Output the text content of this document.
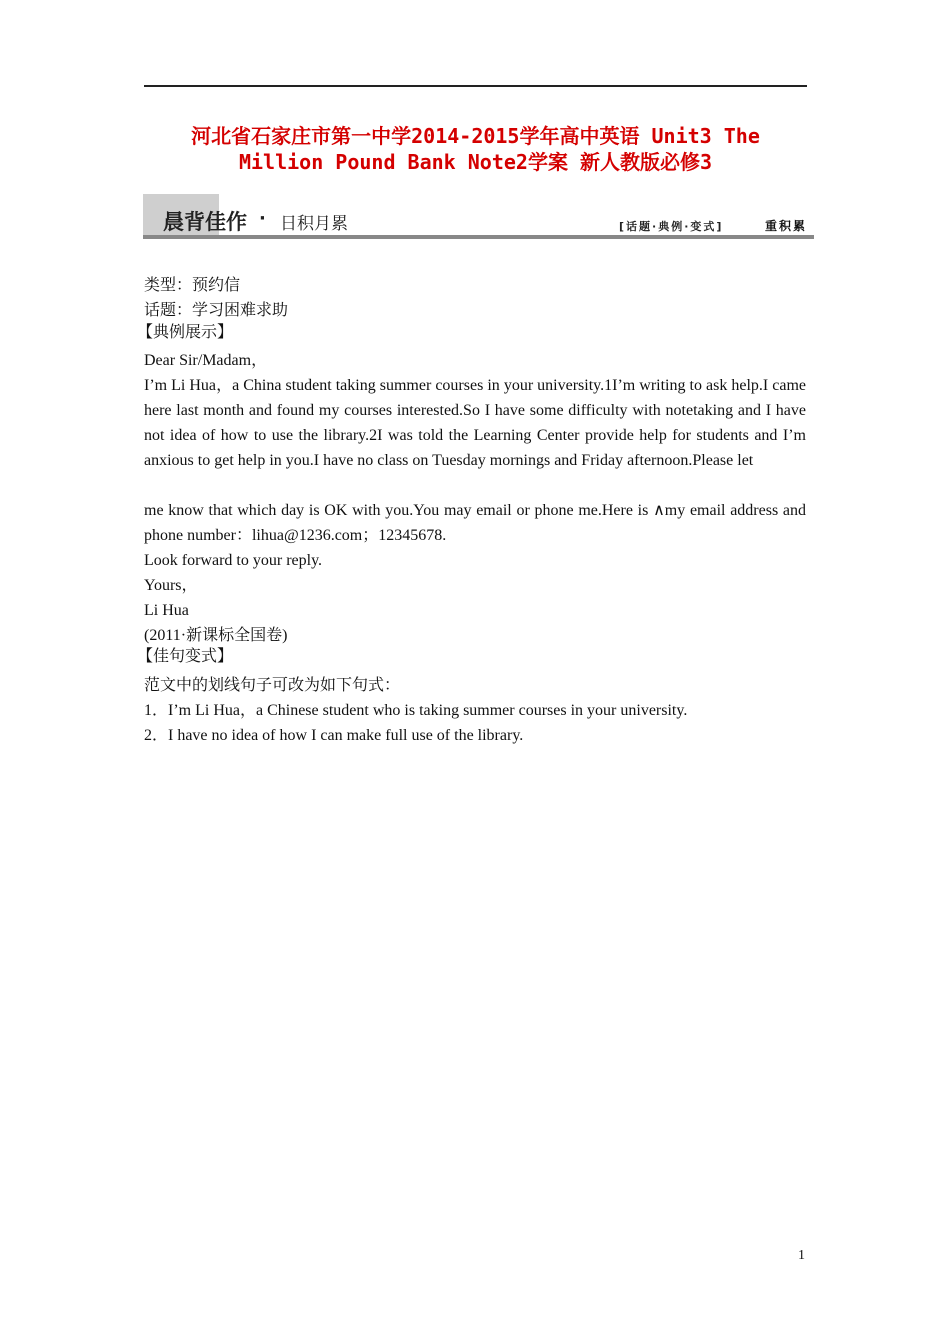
河北省石家庄市第一中学2014-2015学年高中英语 Unit3 The
Million Pound Bank Note2学案 新人教版必修3
晨背佳作 · 日积月累	[话题·典例·变式]	重积累
类型：预约信
话题：学习困难求助
【典例展示】
Dear Sir/Madam，
I’m Li Hua，a China student taking summer courses in your university.1I’m writing to ask help.I came here last month and found my courses interested.So I have some difficulty with notetaking and I have not idea of how to use the library.2I was told the Learning Center provide help for students and I’m anxious to get help in you.I have no class on Tuesday mornings and Friday afternoon.Please let
me know that which day is OK with you.You may email or phone me.Here is ∧my email address and phone number：lihua@1236.com；12345678.
Look forward to your reply.
Yours，
Li Hua
(2011·新课标全国卷)
【佳句变式】
范文中的划线句子可改为如下句式：
1．I’m Li Hua，a Chinese student who is taking summer courses in your university.
2．I have no idea of how I can make full use of the library.
1
